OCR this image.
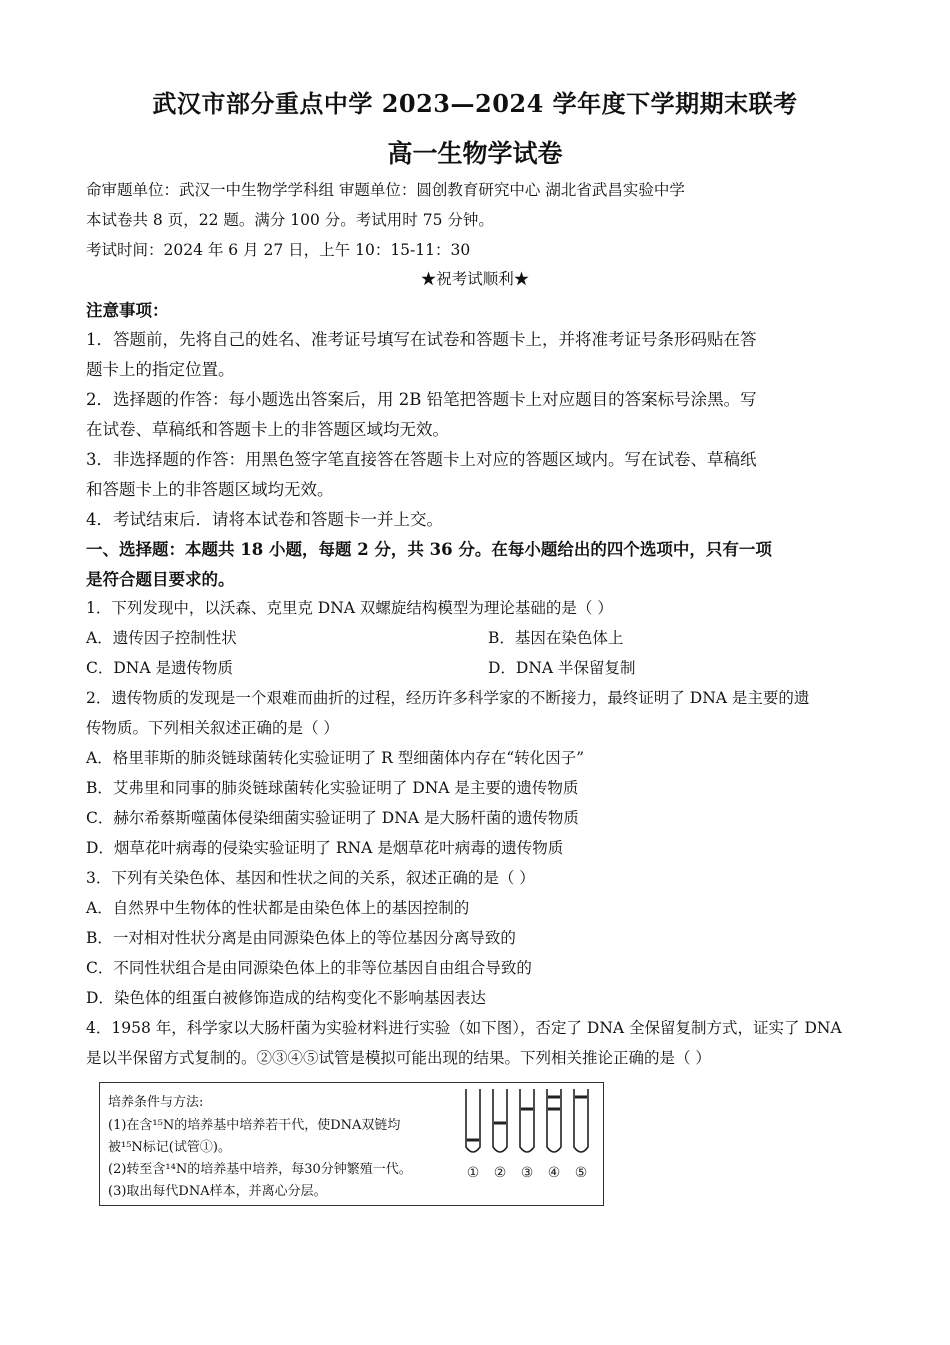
武汉市部分重点中学 2023—2024 学年度下学期期末联考
高一生物学试卷
命审题单位：武汉一中生物学学科组 审题单位：圆创教育研究中心 湖北省武昌实验中学
本试卷共 8 页，22 题。满分 100 分。考试用时 75 分钟。
考试时间：2024 年 6 月 27 日，上午 10：15-11：30
★祝考试顺利★
注意事项：
1．答题前，先将自己的姓名、准考证号填写在试卷和答题卡上，并将准考证号条形码贴在答
题卡上的指定位置。
2．选择题的作答：每小题选出答案后，用 2B 铅笔把答题卡上对应题目的答案标号涂黑。写
在试卷、草稿纸和答题卡上的非答题区域均无效。
3．非选择题的作答：用黑色签字笔直接答在答题卡上对应的答题区域内。写在试卷、草稿纸
和答题卡上的非答题区域均无效。
4．考试结束后．请将本试卷和答题卡一并上交。
一、选择题：本题共 18 小题，每题 2 分，共 36 分。在每小题给出的四个选项中，只有一项
是符合题目要求的。
1．下列发现中，以沃森、克里克 DNA 双螺旋结构模型为理论基础的是（ ）
A．遗传因子控制性状	B．基因在染色体上
C．DNA 是遗传物质	D．DNA 半保留复制
2．遗传物质的发现是一个艰难而曲折的过程，经历许多科学家的不断接力，最终证明了 DNA 是主要的遗
传物质。下列相关叙述正确的是（ ）
A．格里菲斯的肺炎链球菌转化实验证明了 R 型细菌体内存在“转化因子”
B．艾弗里和同事的肺炎链球菌转化实验证明了 DNA 是主要的遗传物质
C．赫尔希蔡斯噬菌体侵染细菌实验证明了 DNA 是大肠杆菌的遗传物质
D．烟草花叶病毒的侵染实验证明了 RNA 是烟草花叶病毒的遗传物质
3．下列有关染色体、基因和性状之间的关系，叙述正确的是（ ）
A．自然界中生物体的性状都是由染色体上的基因控制的
B．一对相对性状分离是由同源染色体上的等位基因分离导致的
C．不同性状组合是由同源染色体上的非等位基因自由组合导致的
D．染色体的组蛋白被修饰造成的结构变化不影响基因表达
4．1958 年，科学家以大肠杆菌为实验材料进行实验（如下图），否定了 DNA 全保留复制方式，证实了 DNA
是以半保留方式复制的。②③④⑤试管是模拟可能出现的结果。下列相关推论正确的是（ ）
培养条件与方法:
(1)在含¹⁵N的培养基中培养若干代，使DNA双链均
被¹⁵N标记(试管①)。
(2)转至含¹⁴N的培养基中培养，每30分钟繁殖一代。
(3)取出每代DNA样本，并离心分层。
① ② ③ ④ ⑤
